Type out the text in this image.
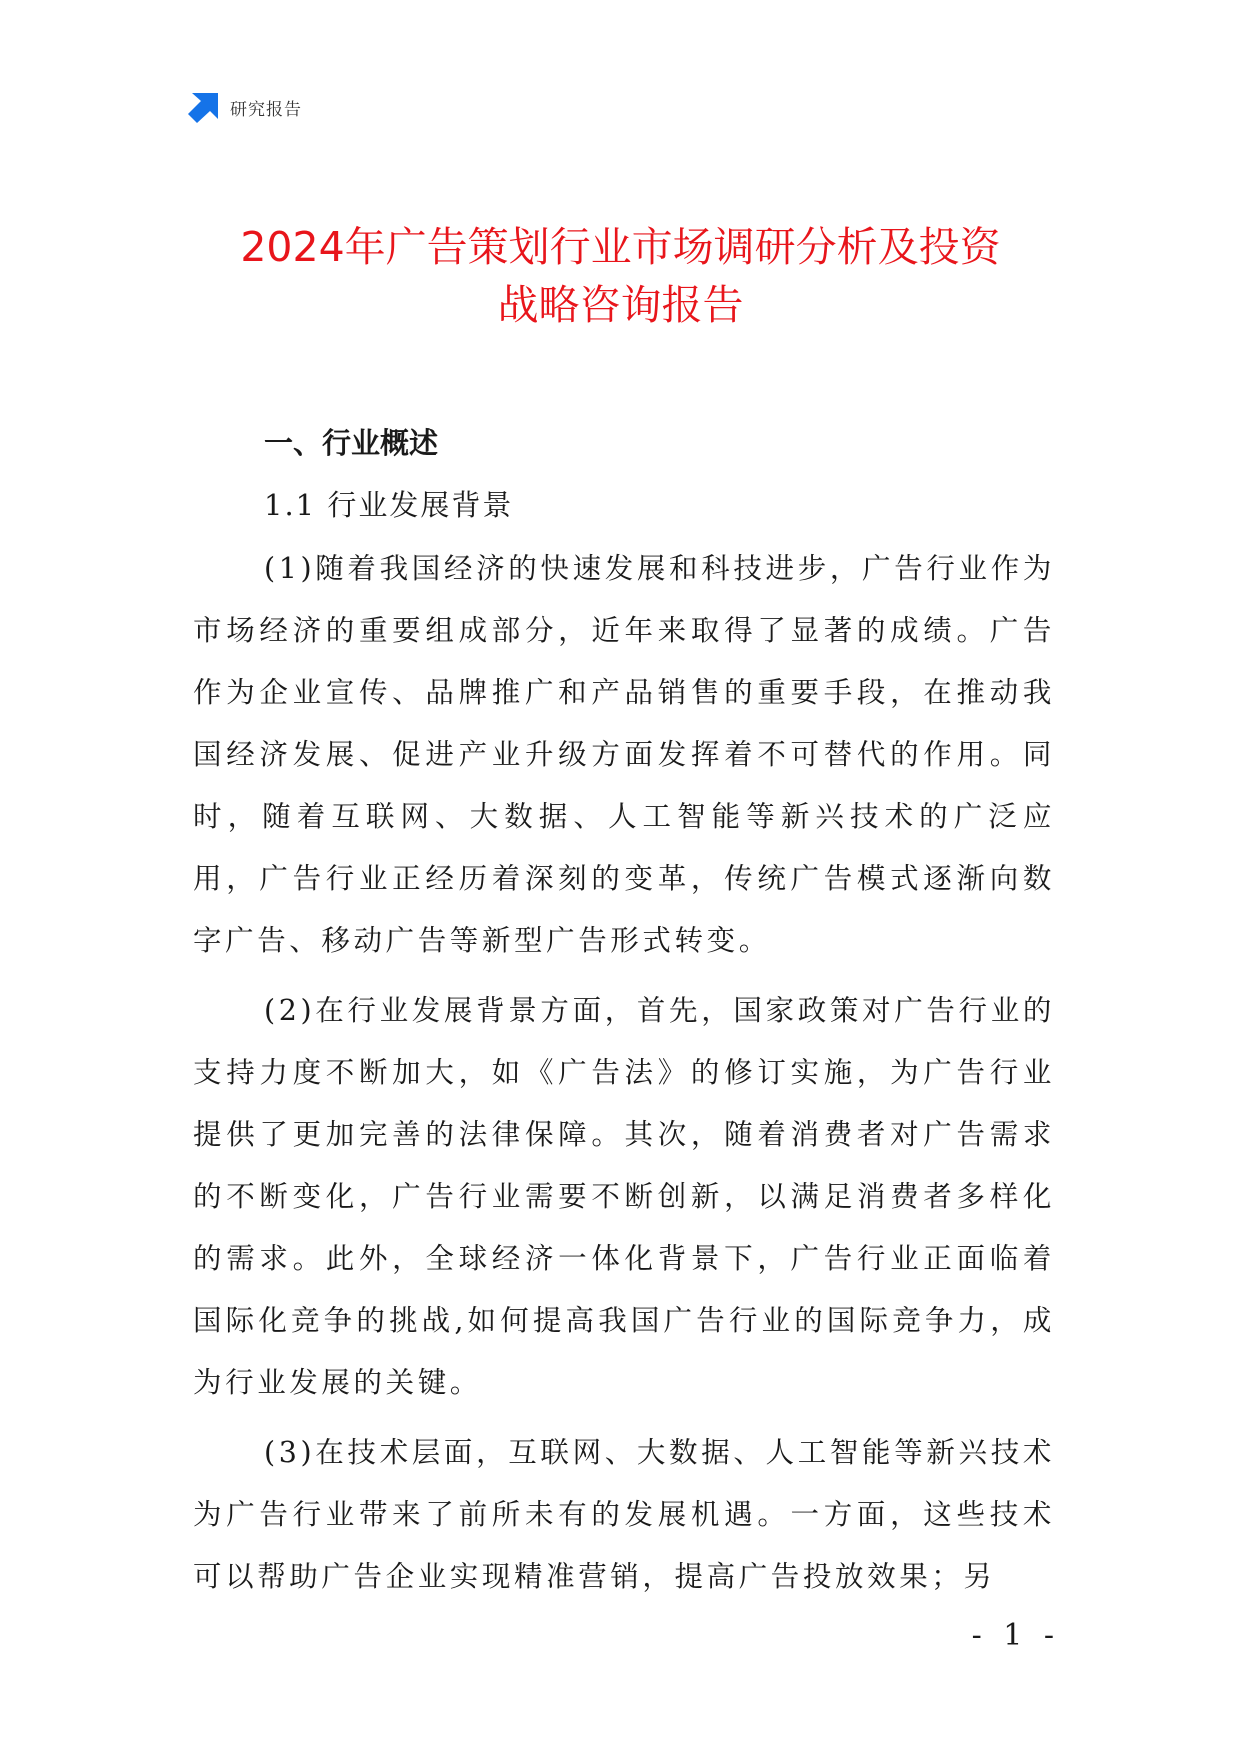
研究报告
2024年广告策划行业市场调研分析及投资
战略咨询报告
一、行业概述
1.1 行业发展背景

(1)随着我国经济的快速发展和科技进步，广告行业作为市场经济的重要组成部分，近年来取得了显著的成绩。广告作为企业宣传、品牌推广和产品销售的重要手段，在推动我国经济发展、促进产业升级方面发挥着不可替代的作用。同时，随着互联网、大数据、人工智能等新兴技术的广泛应用，广告行业正经历着深刻的变革，传统广告模式逐渐向数字广告、移动广告等新型广告形式转变。

(2)在行业发展背景方面，首先，国家政策对广告行业的支持力度不断加大，如《广告法》的修订实施，为广告行业提供了更加完善的法律保障。其次，随着消费者对广告需求的不断变化，广告行业需要不断创新，以满足消费者多样化的需求。此外，全球经济一体化背景下，广告行业正面临着国际化竞争的挑战,如何提高我国广告行业的国际竞争力，成为行业发展的关键。

(3)在技术层面，互联网、大数据、人工智能等新兴技术为广告行业带来了前所未有的发展机遇。一方面，这些技术可以帮助广告企业实现精准营销，提高广告投放效果；另

- 1 -
